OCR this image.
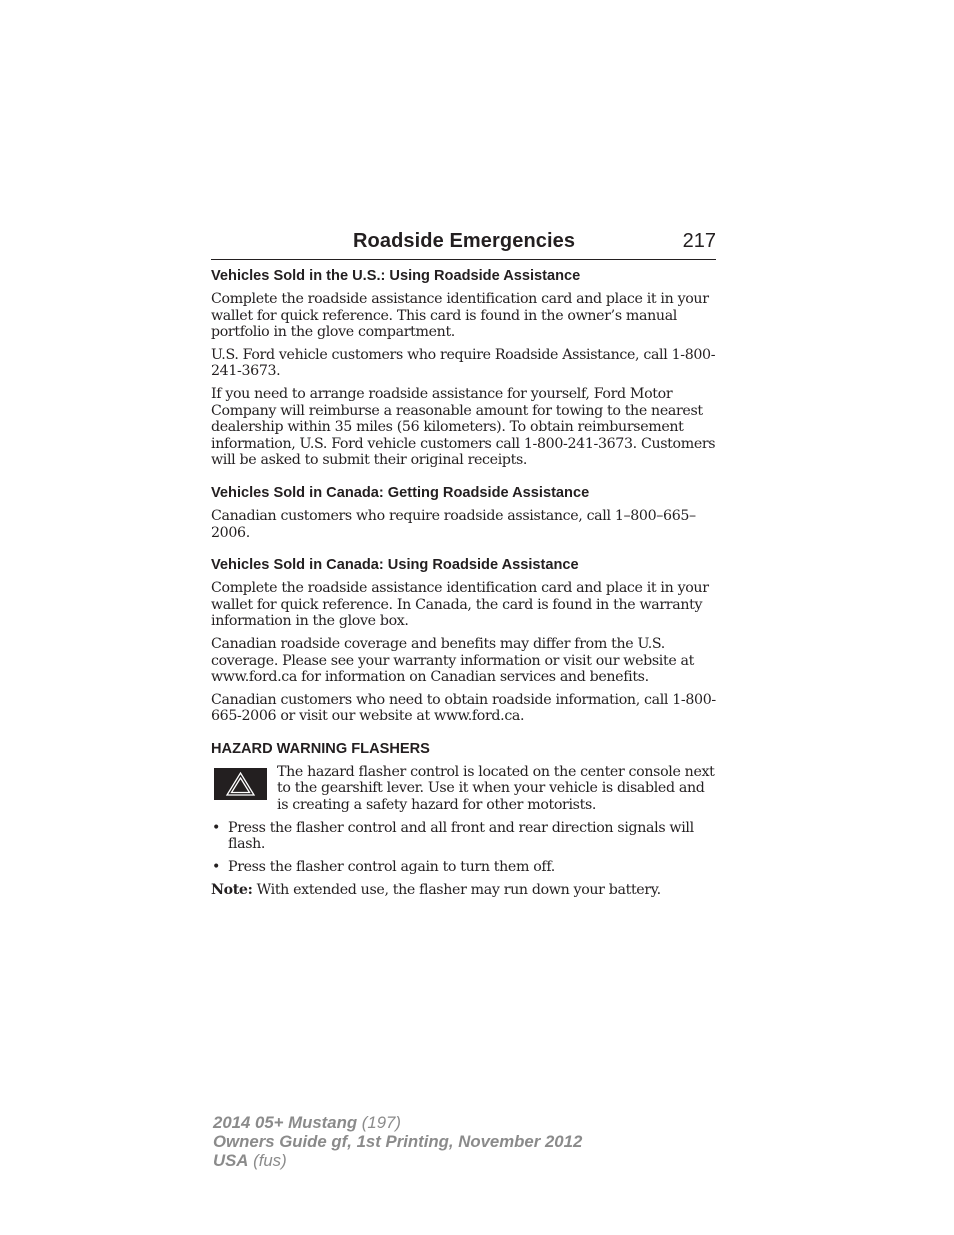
Roadside Emergencies	217
Vehicles Sold in the U.S.: Using Roadside Assistance

Complete the roadside assistance identification card and place it in your wallet for quick reference. This card is found in the owner’s manual portfolio in the glove compartment.

U.S. Ford vehicle customers who require Roadside Assistance, call 1-800-241-3673.

If you need to arrange roadside assistance for yourself, Ford Motor Company will reimburse a reasonable amount for towing to the nearest dealership within 35 miles (56 kilometers). To obtain reimbursement information, U.S. Ford vehicle customers call 1-800-241-3673. Customers will be asked to submit their original receipts.

Vehicles Sold in Canada: Getting Roadside Assistance

Canadian customers who require roadside assistance, call 1–800–665–2006.

Vehicles Sold in Canada: Using Roadside Assistance

Complete the roadside assistance identification card and place it in your wallet for quick reference. In Canada, the card is found in the warranty information in the glove box.

Canadian roadside coverage and benefits may differ from the U.S. coverage. Please see your warranty information or visit our website at www.ford.ca for information on Canadian services and benefits.

Canadian customers who need to obtain roadside information, call 1-800-665-2006 or visit our website at www.ford.ca.

HAZARD WARNING FLASHERS

The hazard flasher control is located on the center console next to the gearshift lever. Use it when your vehicle is disabled and is creating a safety hazard for other motorists.

• Press the flasher control and all front and rear direction signals will flash.
• Press the flasher control again to turn them off.

Note: With extended use, the flasher may run down your battery.

2014 05+ Mustang (197)
Owners Guide gf, 1st Printing, November 2012
USA (fus)
